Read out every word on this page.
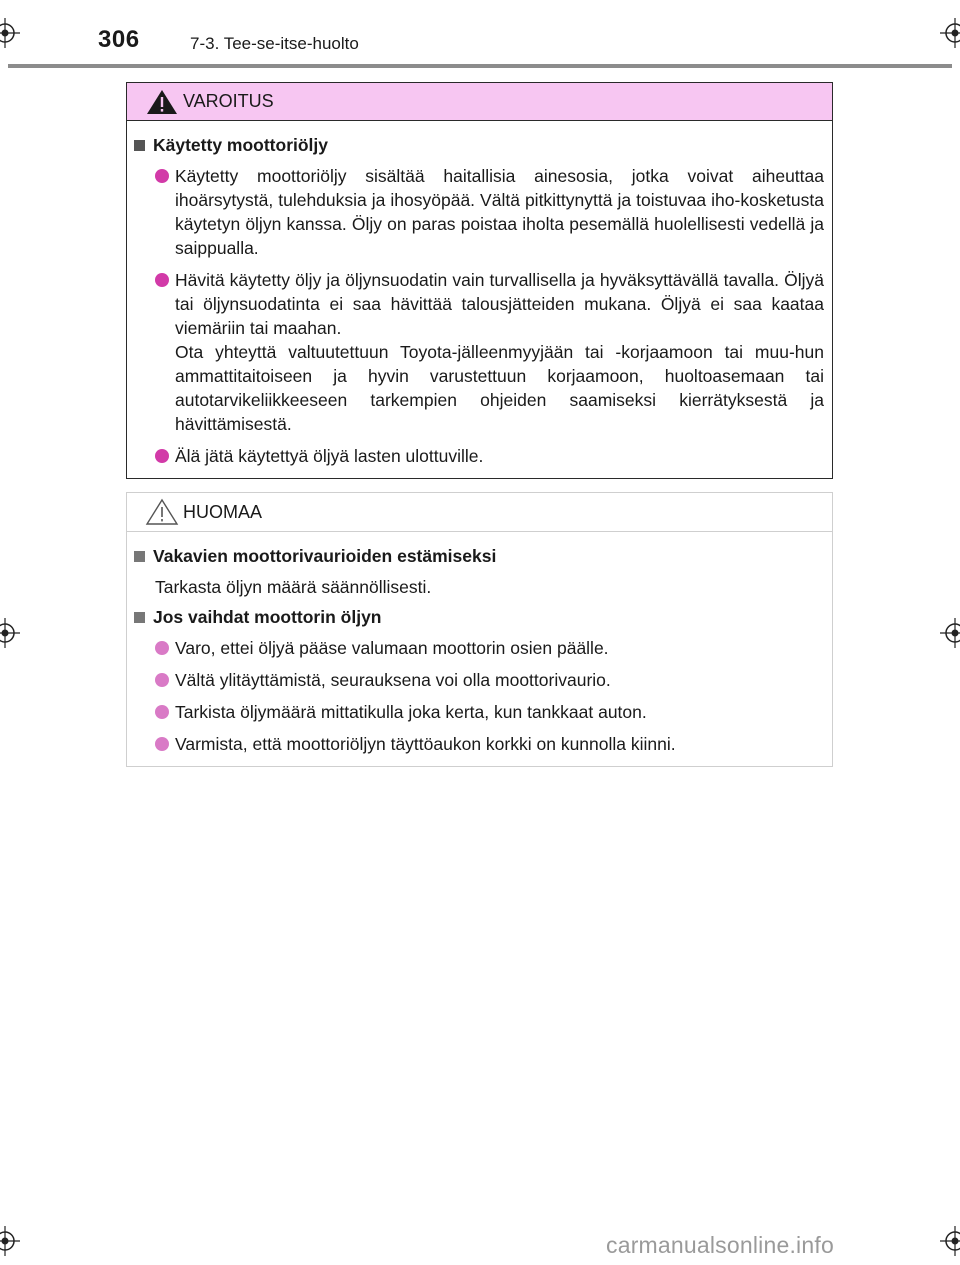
306	7-3. Tee-se-itse-huolto
VAROITUS
Käytetty moottoriöljy

Käytetty moottoriöljy sisältää haitallisia ainesosia, jotka voivat aiheuttaa ihoärsytystä, tulehduksia ja ihosyöpää. Vältä pitkittynyttä ja toistuvaa iho-kosketusta käytetyn öljyn kanssa. Öljy on paras poistaa iholta pesemällä huolellisesti vedellä ja saippualla.

Hävitä käytetty öljy ja öljynsuodatin vain turvallisella ja hyväksyttävällä tavalla. Öljyä tai öljynsuodatinta ei saa hävittää talousjätteiden mukana. Öljyä ei saa kaataa viemäriin tai maahan.

Ota yhteyttä valtuutettuun Toyota-jälleenmyyjään tai -korjaamoon tai muu-hun ammattitaitoiseen ja hyvin varustettuun korjaamoon, huoltoasemaan tai autotarvikeliikkeeseen tarkempien ohjeiden saamiseksi kierrätyksestä ja hävittämisestä.

Älä jätä käytettyä öljyä lasten ulottuville.

HUOMAA
Vakavien moottorivaurioiden estämiseksi
Tarkasta öljyn määrä säännöllisesti.
Jos vaihdat moottorin öljyn

Varo, ettei öljyä pääse valumaan moottorin osien päälle.

Vältä ylitäyttämistä, seurauksena voi olla moottorivaurio.

Tarkista öljymäärä mittatikulla joka kerta, kun tankkaat auton.

Varmista, että moottoriöljyn täyttöaukon korkki on kunnolla kiinni.

carmanualsonline.info
